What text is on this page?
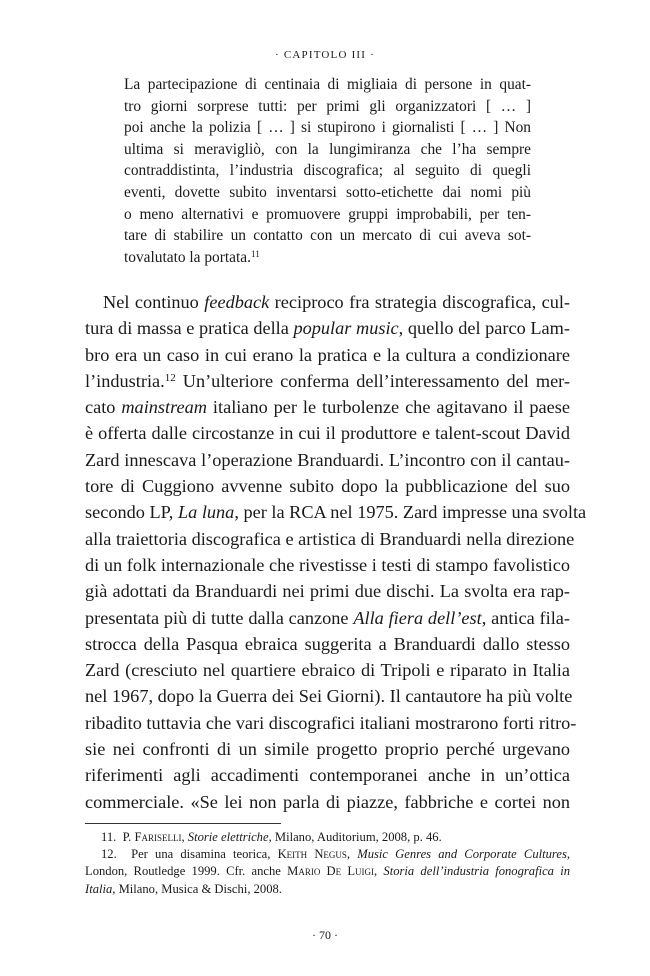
· CAPITOLO III ·
La partecipazione di centinaia di migliaia di persone in quat-
tro giorni sorprese tutti: per primi gli organizzatori [ … ]
poi anche la polizia [ … ] si stupirono i giornalisti [ … ] Non
ultima si meravigliò, con la lungimiranza che l’ha sempre
contraddistinta, l’industria discografica; al seguito di quegli
eventi, dovette subito inventarsi sotto-etichette dai nomi più
o meno alternativi e promuovere gruppi improbabili, per ten-
tare di stabilire un contatto con un mercato di cui aveva sot-
tovalutato la portata.$^{11}$
Nel continuo feedback reciproco fra strategia discografica, cul-
tura di massa e pratica della popular music, quello del parco Lam-
bro era un caso in cui erano la pratica e la cultura a condizionare
l’industria.$^{12}$ Un’ulteriore conferma dell’interessamento del mer-
cato mainstream italiano per le turbolenze che agitavano il paese
è offerta dalle circostanze in cui il produttore e talent-scout David
Zard innescava l’operazione Branduardi. L’incontro con il cantau-
tore di Cuggiono avvenne subito dopo la pubblicazione del suo
secondo LP, La luna, per la RCA nel 1975. Zard impresse una svolta
alla traiettoria discografica e artistica di Branduardi nella direzione
di un folk internazionale che rivestisse i testi di stampo favolistico
già adottati da Branduardi nei primi due dischi. La svolta era rap-
presentata più di tutte dalla canzone Alla fiera dell’est, antica fila-
strocca della Pasqua ebraica suggerita a Branduardi dallo stesso
Zard (cresciuto nel quartiere ebraico di Tripoli e riparato in Italia
nel 1967, dopo la Guerra dei Sei Giorni). Il cantautore ha più volte
ribadito tuttavia che vari discografici italiani mostrarono forti ritro-
sie nei confronti di un simile progetto proprio perché urgevano
riferimenti agli accadimenti contemporanei anche in un’ottica
commerciale. «Se lei non parla di piazze, fabbriche e cortei non
11. P. Fariselli, Storie elettriche, Milano, Auditorium, 2008, p. 46.
12. Per una disamina teorica, Keith Negus, Music Genres and Corporate Cultures,
London, Routledge 1999. Cfr. anche Mario De Luigi, Storia dell’industria fonografica in
Italia, Milano, Musica & Dischi, 2008.
· 70 ·
